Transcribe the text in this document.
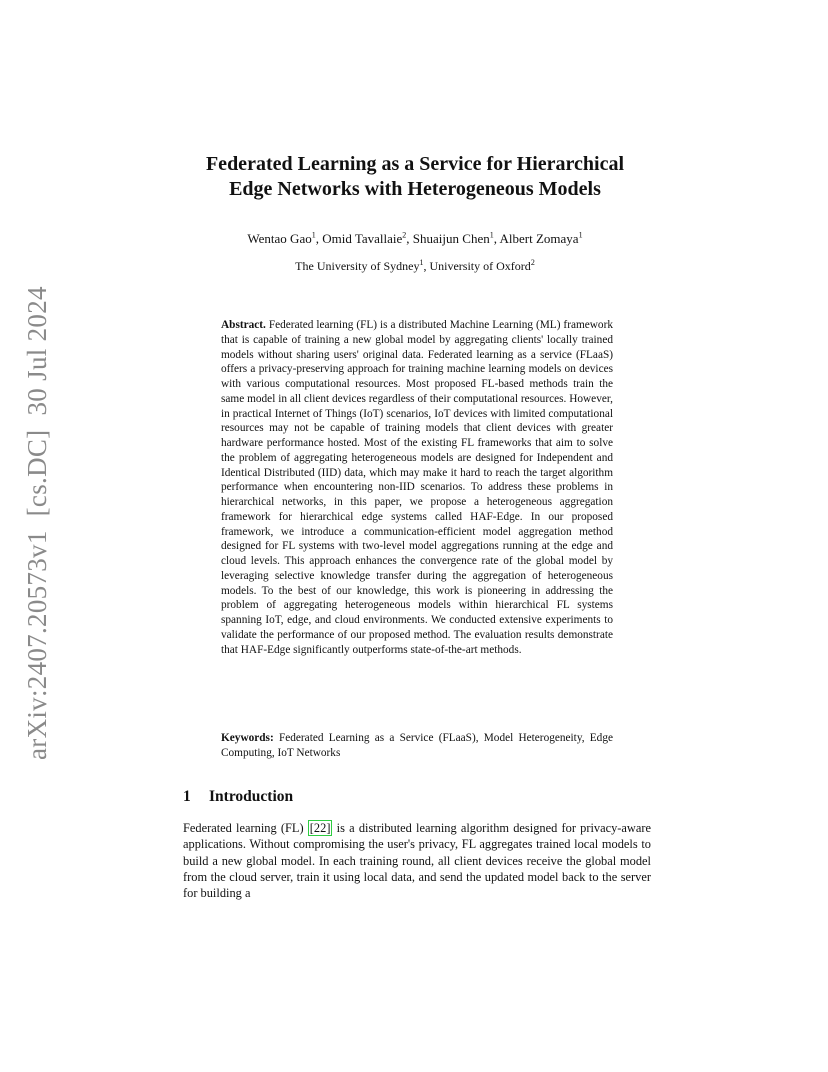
arXiv:2407.20573v1[cs.DC]30 Jul 2024
Federated Learning as a Service for Hierarchical
Edge Networks with Heterogeneous Models
Wentao Gao$^1$, Omid Tavallaie$^2$, Shuaijun Chen$^1$, Albert Zomaya$^1$
The University of Sydney$^1$, University of Oxford$^2$
Abstract. Federated learning (FL) is a distributed Machine Learning (ML) framework that is capable of training a new global model by aggregating clients' locally trained models without sharing users' original data. Federated learning as a service (FLaaS) offers a privacy-preserving approach for training machine learning models on devices with various computational resources. Most proposed FL-based methods train the same model in all client devices regardless of their computational resources. However, in practical Internet of Things (IoT) scenarios, IoT devices with limited computational resources may not be capable of training models that client devices with greater hardware performance hosted. Most of the existing FL frameworks that aim to solve the problem of aggregating heterogeneous models are designed for Independent and Identical Distributed (IID) data, which may make it hard to reach the target algorithm performance when encountering non-IID scenarios. To address these problems in hierarchical networks, in this paper, we propose a heterogeneous aggregation framework for hierarchical edge systems called HAF-Edge. In our proposed framework, we introduce a communication-efficient model aggregation method designed for FL systems with two-level model aggregations running at the edge and cloud levels. This approach enhances the convergence rate of the global model by leveraging selective knowledge transfer during the aggregation of heterogeneous models. To the best of our knowledge, this work is pioneering in addressing the problem of aggregating heterogeneous models within hierarchical FL systems spanning IoT, edge, and cloud environments. We conducted extensive experiments to validate the performance of our proposed method. The evaluation results demonstrate that HAF-Edge significantly outperforms state-of-the-art methods.
Keywords: Federated Learning as a Service (FLaaS), Model Heterogeneity, Edge Computing, IoT Networks
1 Introduction
Federated learning (FL) [22] is a distributed learning algorithm designed for privacy-aware applications. Without compromising the user's privacy, FL aggregates trained local models to build a new global model. In each training round, all client devices receive the global model from the cloud server, train it using local data, and send the updated model back to the server for building a
